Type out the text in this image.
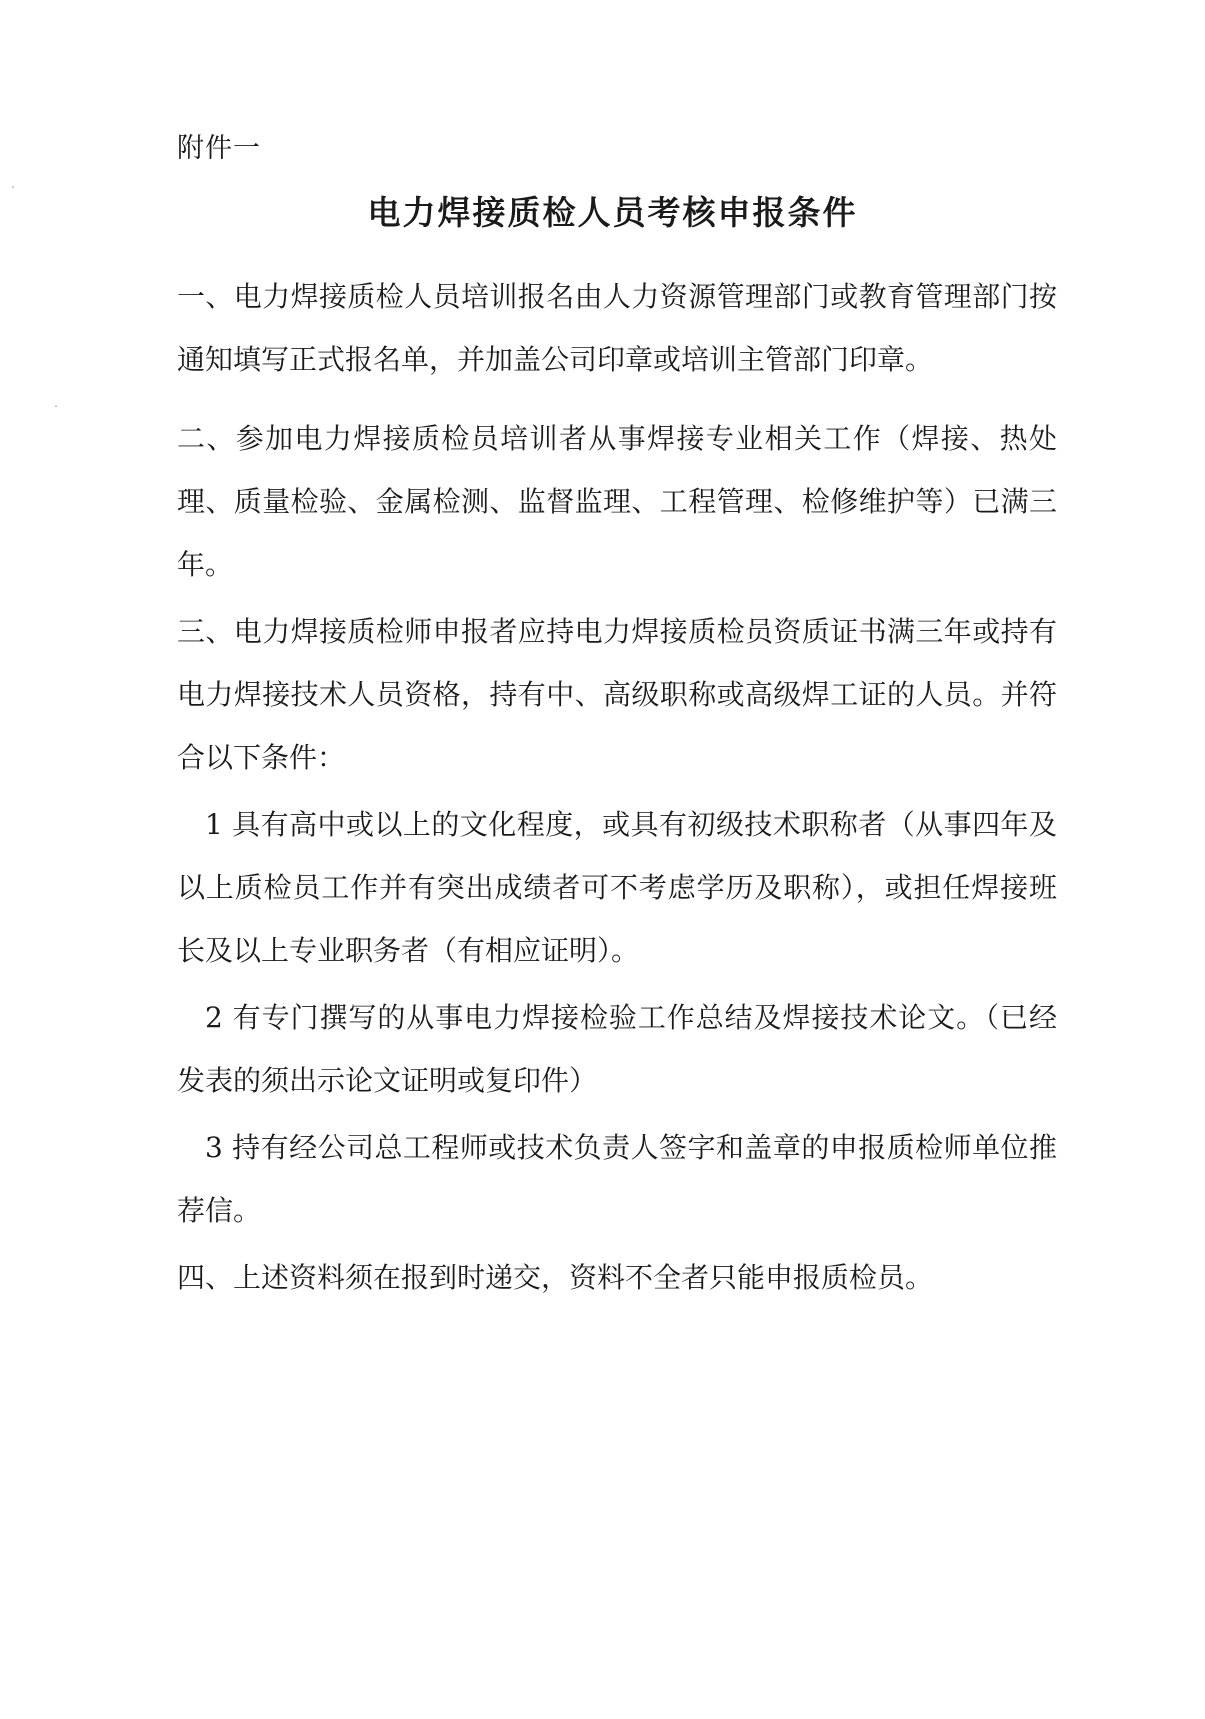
附件一
电力焊接质检人员考核申报条件

一、电力焊接质检人员培训报名由人力资源管理部门或教育管理部门按通知填写正式报名单，并加盖公司印章或培训主管部门印章。

二、参加电力焊接质检员培训者从事焊接专业相关工作（焊接、热处理、质量检验、金属检测、监督监理、工程管理、检修维护等）已满三年。

三、电力焊接质检师申报者应持电力焊接质检员资质证书满三年或持有电力焊接技术人员资格，持有中、高级职称或高级焊工证的人员。并符合以下条件：

1 具有高中或以上的文化程度，或具有初级技术职称者（从事四年及以上质检员工作并有突出成绩者可不考虑学历及职称），或担任焊接班长及以上专业职务者（有相应证明）。

2 有专门撰写的从事电力焊接检验工作总结及焊接技术论文。（已经发表的须出示论文证明或复印件）

3 持有经公司总工程师或技术负责人签字和盖章的申报质检师单位推荐信。

四、上述资料须在报到时递交，资料不全者只能申报质检员。
